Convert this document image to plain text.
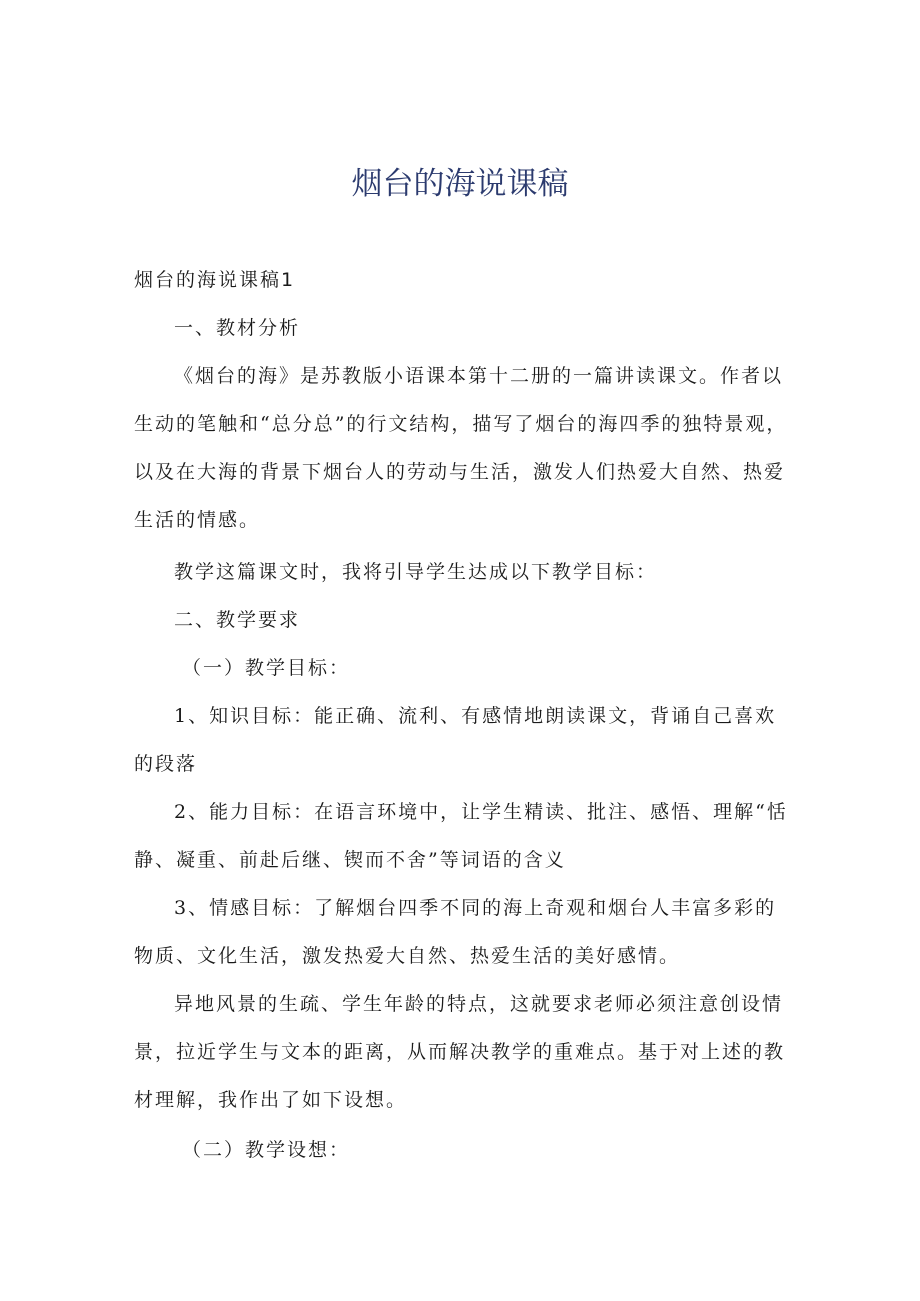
烟台的海说课稿

烟台的海说课稿1

一、教材分析

《烟台的海》是苏教版小语课本第十二册的一篇讲读课文。作者以生动的笔触和“总分总”的行文结构，描写了烟台的海四季的独特景观，以及在大海的背景下烟台人的劳动与生活，激发人们热爱大自然、热爱生活的情感。

教学这篇课文时，我将引导学生达成以下教学目标：

二、教学要求

（一）教学目标：

1、知识目标：能正确、流利、有感情地朗读课文，背诵自己喜欢的段落

2、能力目标：在语言环境中，让学生精读、批注、感悟、理解“恬静、凝重、前赴后继、锲而不舍”等词语的含义

3、情感目标：了解烟台四季不同的海上奇观和烟台人丰富多彩的物质、文化生活，激发热爱大自然、热爱生活的美好感情。

异地风景的生疏、学生年龄的特点，这就要求老师必须注意创设情景，拉近学生与文本的距离，从而解决教学的重难点。基于对上述的教材理解，我作出了如下设想。

（二）教学设想：
